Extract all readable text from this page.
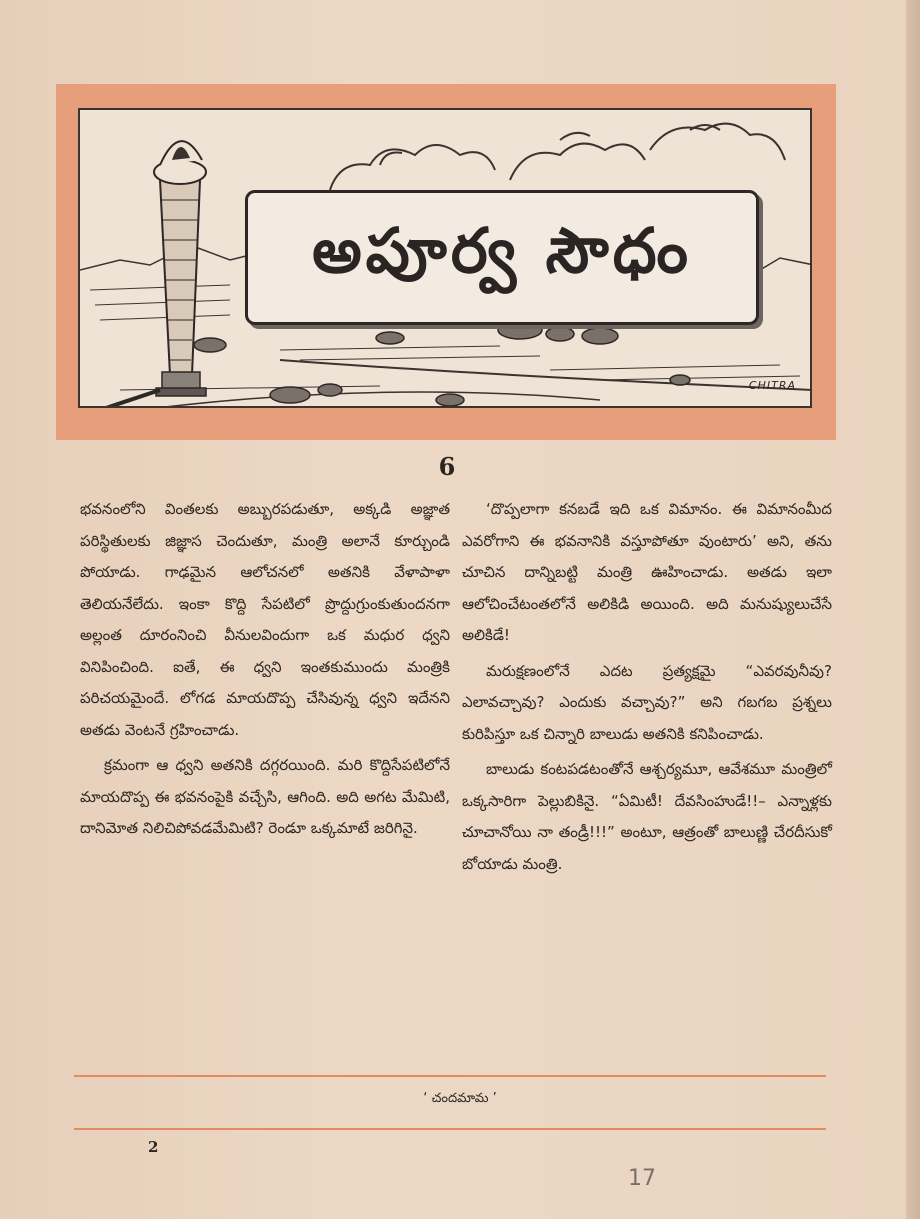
అపూర్వ సౌధం
CHITRA
6

భవనంలోని వింతలకు అబ్బురపడుతూ, అక్కడి అజ్ఞాత పరిస్థితులకు జిజ్ఞాస చెందుతూ, మంత్రి అలానే కూర్చుండి పోయాడు. గాఢమైన ఆలోచనలో అతనికి వేళాపాళా తెలియనేలేదు. ఇంకా కొద్ది సేపటిలో ప్రొద్దుగ్రుంకుతుందనగా అల్లంత దూరంనించి వీనులవిందుగా ఒక మధుర ధ్వని వినిపించింది. ఐతే, ఈ ధ్వని ఇంతకుముందు మంత్రికి పరిచయమైందే. లోగడ మాయదొప్ప చేసివున్న ధ్వని ఇదేనని అతడు వెంటనే గ్రహించాడు.

క్రమంగా ఆ ధ్వని అతనికి దగ్గరయింది. మరి కొద్దిసేపటిలోనే మాయదొప్ప ఈ భవనంపైకి వచ్చేసి, ఆగింది. అది అగట మేమిటి, దానిమోత నిలిచిపోవడమేమిటి? రెండూ ఒక్కమాటే జరిగినై.

‘దొప్పలాగా కనబడే ఇది ఒక విమానం. ఈ విమానంమీద ఎవరోగాని ఈ భవనానికి వస్తూపోతూ వుంటారు’ అని, తను చూచిన దాన్నిబట్టి మంత్రి ఊహించాడు. అతడు ఇలా ఆలోచించేటంతలోనే అలికిడి అయింది. అది మనుష్యులుచేసే అలికిడే!

మరుక్షణంలోనే ఎదట ప్రత్యక్షమై “ఎవరవునీవు? ఎలావచ్చావు? ఎందుకు వచ్చావు?” అని గబగబ ప్రశ్నలు కురిపిస్తూ ఒక చిన్నారి బాలుడు అతనికి కనిపించాడు.

బాలుడు కంటపడటంతోనే ఆశ్చర్యమూ, ఆవేశమూ మంత్రిలో ఒక్కసారిగా పెల్లుబికినై. “ఏమిటీ! దేవసింహుడే!!– ఎన్నాళ్లకు చూచానోయి నా తండ్రీ!!!” అంటూ, ఆత్రంతో బాలుణ్ణి చేరదీసుకో బోయాడు మంత్రి.

‘ చందమామ ’
2
17
